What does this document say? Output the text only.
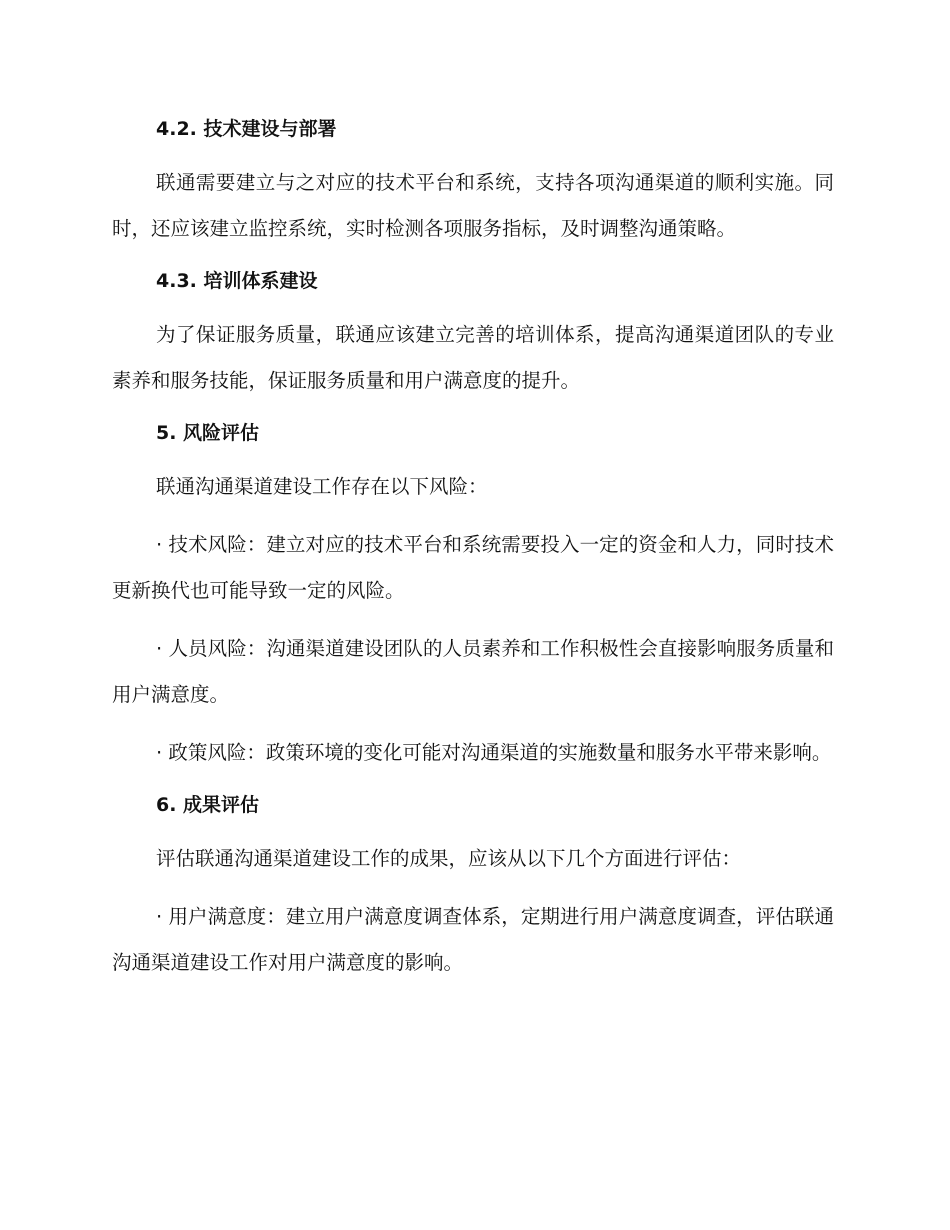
4.2. 技术建设与部署

联通需要建立与之对应的技术平台和系统，支持各项沟通渠道的顺利实施。同时，还应该建立监控系统，实时检测各项服务指标，及时调整沟通策略。

4.3. 培训体系建设

为了保证服务质量，联通应该建立完善的培训体系，提高沟通渠道团队的专业素养和服务技能，保证服务质量和用户满意度的提升。

5. 风险评估

联通沟通渠道建设工作存在以下风险：

· 技术风险：建立对应的技术平台和系统需要投入一定的资金和人力，同时技术更新换代也可能导致一定的风险。

· 人员风险：沟通渠道建设团队的人员素养和工作积极性会直接影响服务质量和用户满意度。

· 政策风险：政策环境的变化可能对沟通渠道的实施数量和服务水平带来影响。

6. 成果评估

评估联通沟通渠道建设工作的成果，应该从以下几个方面进行评估：

· 用户满意度：建立用户满意度调查体系，定期进行用户满意度调查，评估联通沟通渠道建设工作对用户满意度的影响。
